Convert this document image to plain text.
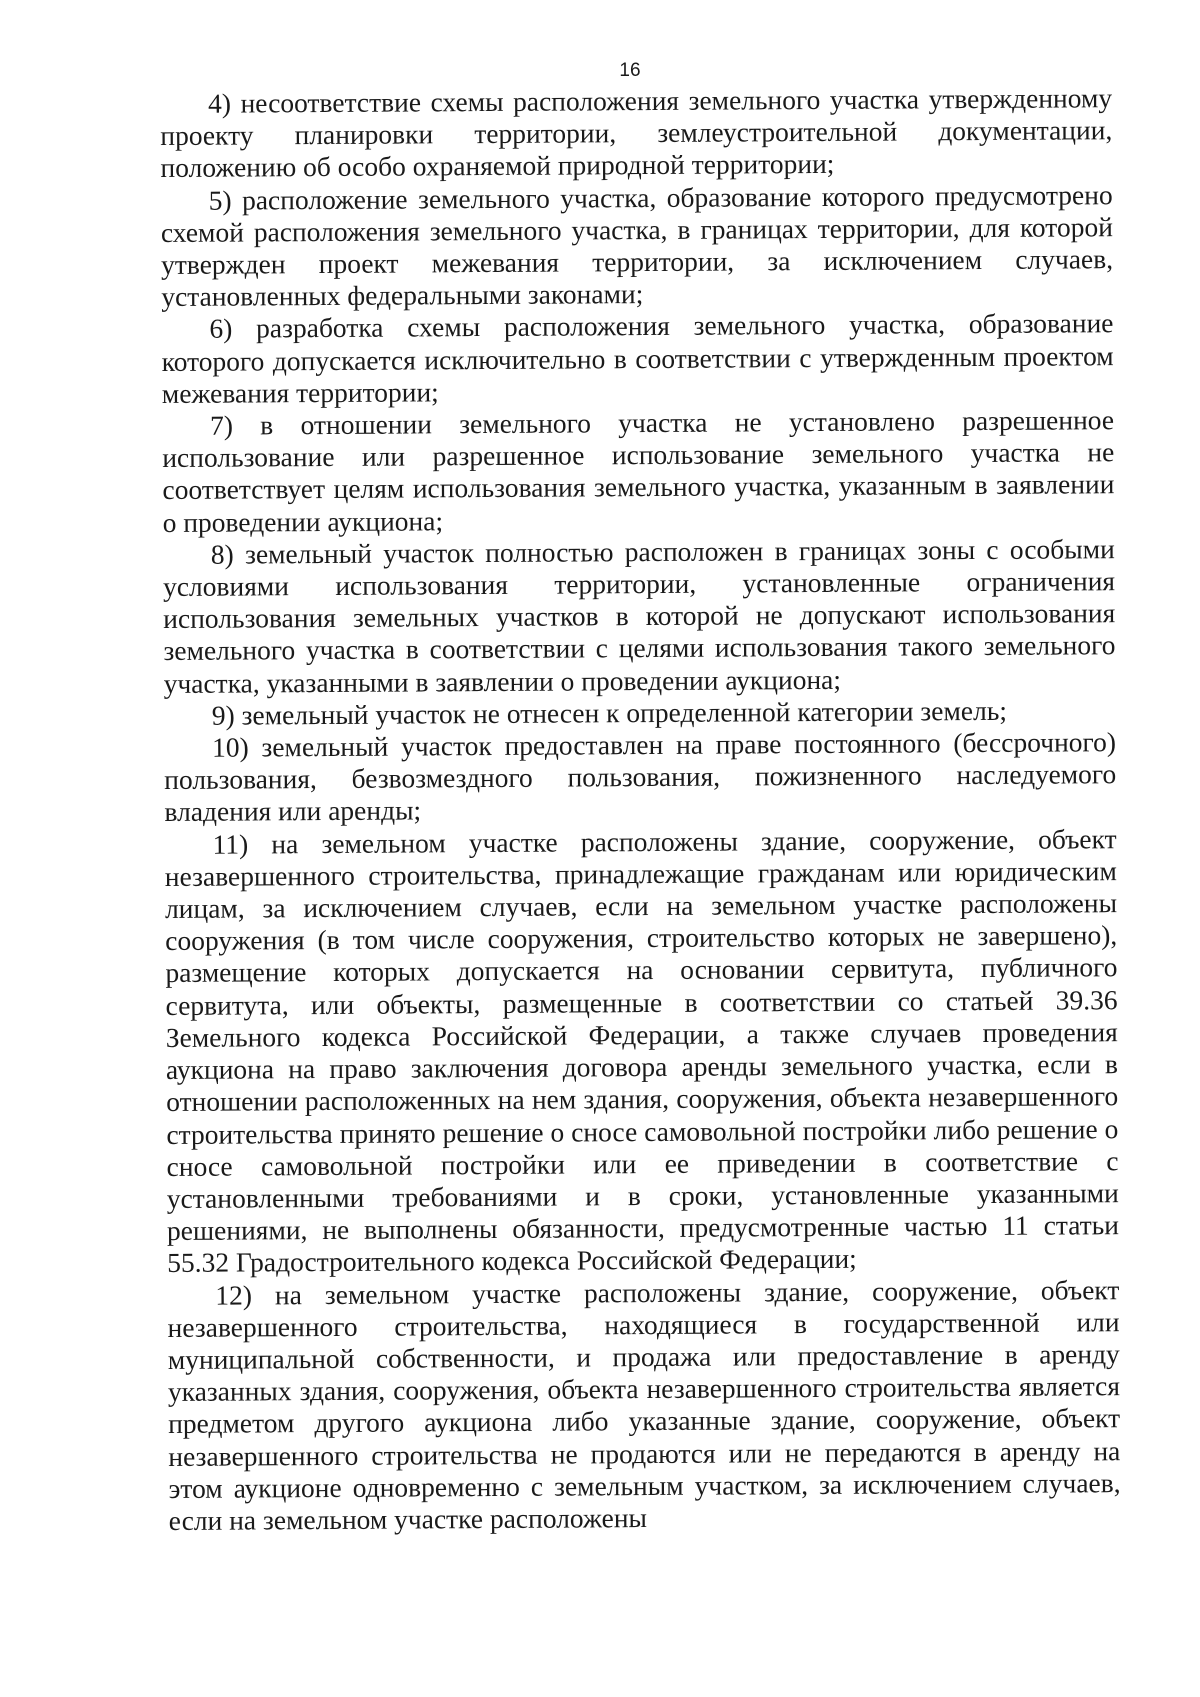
16

4) несоответствие схемы расположения земельного участка утвержденному проекту планировки территории, землеустроительной документации, положению об особо охраняемой природной территории;

5) расположение земельного участка, образование которого предусмотрено схемой расположения земельного участка, в границах территории, для которой утвержден проект межевания территории, за исключением случаев, установленных федеральными законами;

6) разработка схемы расположения земельного участка, образование которого допускается исключительно в соответствии с утвержденным проектом межевания территории;

7) в отношении земельного участка не установлено разрешенное использование или разрешенное использование земельного участка не соответствует целям использования земельного участка, указанным в заявлении о проведении аукциона;

8) земельный участок полностью расположен в границах зоны с особыми условиями использования территории, установленные ограничения использования земельных участков в которой не допускают использования земельного участка в соответствии с целями использования такого земельного участка, указанными в заявлении о проведении аукциона;

9) земельный участок не отнесен к определенной категории земель;

10) земельный участок предоставлен на праве постоянного (бессрочного) пользования, безвозмездного пользования, пожизненного наследуемого владения или аренды;

11) на земельном участке расположены здание, сооружение, объект незавершенного строительства, принадлежащие гражданам или юридическим лицам, за исключением случаев, если на земельном участке расположены сооружения (в том числе сооружения, строительство которых не завершено), размещение которых допускается на основании сервитута, публичного сервитута, или объекты, размещенные в соответствии со статьей 39.36 Земельного кодекса Российской Федерации, а также случаев проведения аукциона на право заключения договора аренды земельного участка, если в отношении расположенных на нем здания, сооружения, объекта незавершенного строительства принято решение о сносе самовольной постройки либо решение о сносе самовольной постройки или ее приведении в соответствие с установленными требованиями и в сроки, установленные указанными решениями, не выполнены обязанности, предусмотренные частью 11 статьи 55.32 Градостроительного кодекса Российской Федерации;

12) на земельном участке расположены здание, сооружение, объект незавершенного строительства, находящиеся в государственной или муниципальной собственности, и продажа или предоставление в аренду указанных здания, сооружения, объекта незавершенного строительства является предметом другого аукциона либо указанные здание, сооружение, объект незавершенного строительства не продаются или не передаются в аренду на этом аукционе одновременно с земельным участком, за исключением случаев, если на земельном участке расположены
